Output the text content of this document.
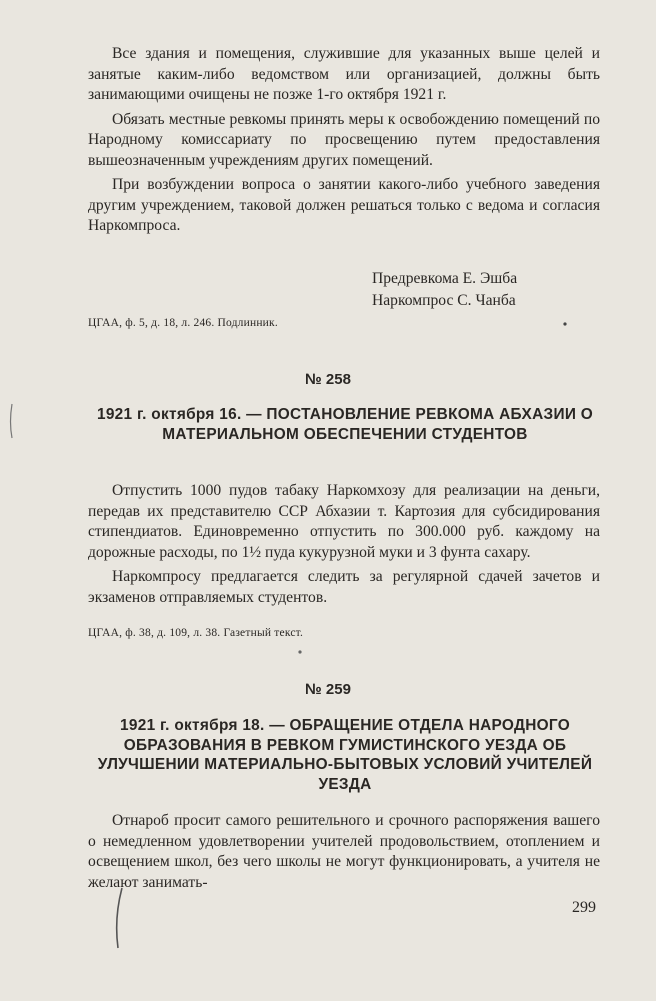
Все здания и помещения, служившие для указанных выше целей и занятые каким-либо ведомством или организацией, должны быть занимающими очищены не позже 1-го октября 1921 г.

Обязать местные ревкомы принять меры к освобождению помещений по Народному комиссариату по просвещению путем предоставления вышеозначенным учреждениям других помещений.

При возбуждении вопроса о занятии какого-либо учебного заведения другим учреждением, таковой должен решаться только с ведома и согласия Наркомпроса.

Предревкома Е. Эшба
Наркомпрос С. Чанба
ЦГАА, ф. 5, д. 18, л. 246. Подлинник.
№ 258
1921 г. октября 16. — ПОСТАНОВЛЕНИЕ РЕВКОМА АБХАЗИИ О МАТЕРИАЛЬНОМ ОБЕСПЕЧЕНИИ СТУДЕНТОВ

Отпустить 1000 пудов табаку Наркомхозу для реализации на деньги, передав их представителю ССР Абхазии т. Картозия для субсидирования стипендиатов. Единовременно отпустить по 300.000 руб. каждому на дорожные расходы, по 1½ пуда кукурузной муки и 3 фунта сахару.

Наркомпросу предлагается следить за регулярной сдачей зачетов и экзаменов отправляемых студентов.

ЦГАА, ф. 38, д. 109, л. 38. Газетный текст.
№ 259
1921 г. октября 18. — ОБРАЩЕНИЕ ОТДЕЛА НАРОДНОГО ОБРАЗОВАНИЯ В РЕВКОМ ГУМИСТИНСКОГО УЕЗДА ОБ УЛУЧШЕНИИ МАТЕРИАЛЬНО-БЫТОВЫХ УСЛОВИЙ УЧИТЕЛЕЙ УЕЗДА

Отнароб просит самого решительного и срочного распоряжения вашего о немедленном удовлетворении учителей продовольствием, отоплением и освещением школ, без чего школы не могут функционировать, а учителя не желают занимать-

299
